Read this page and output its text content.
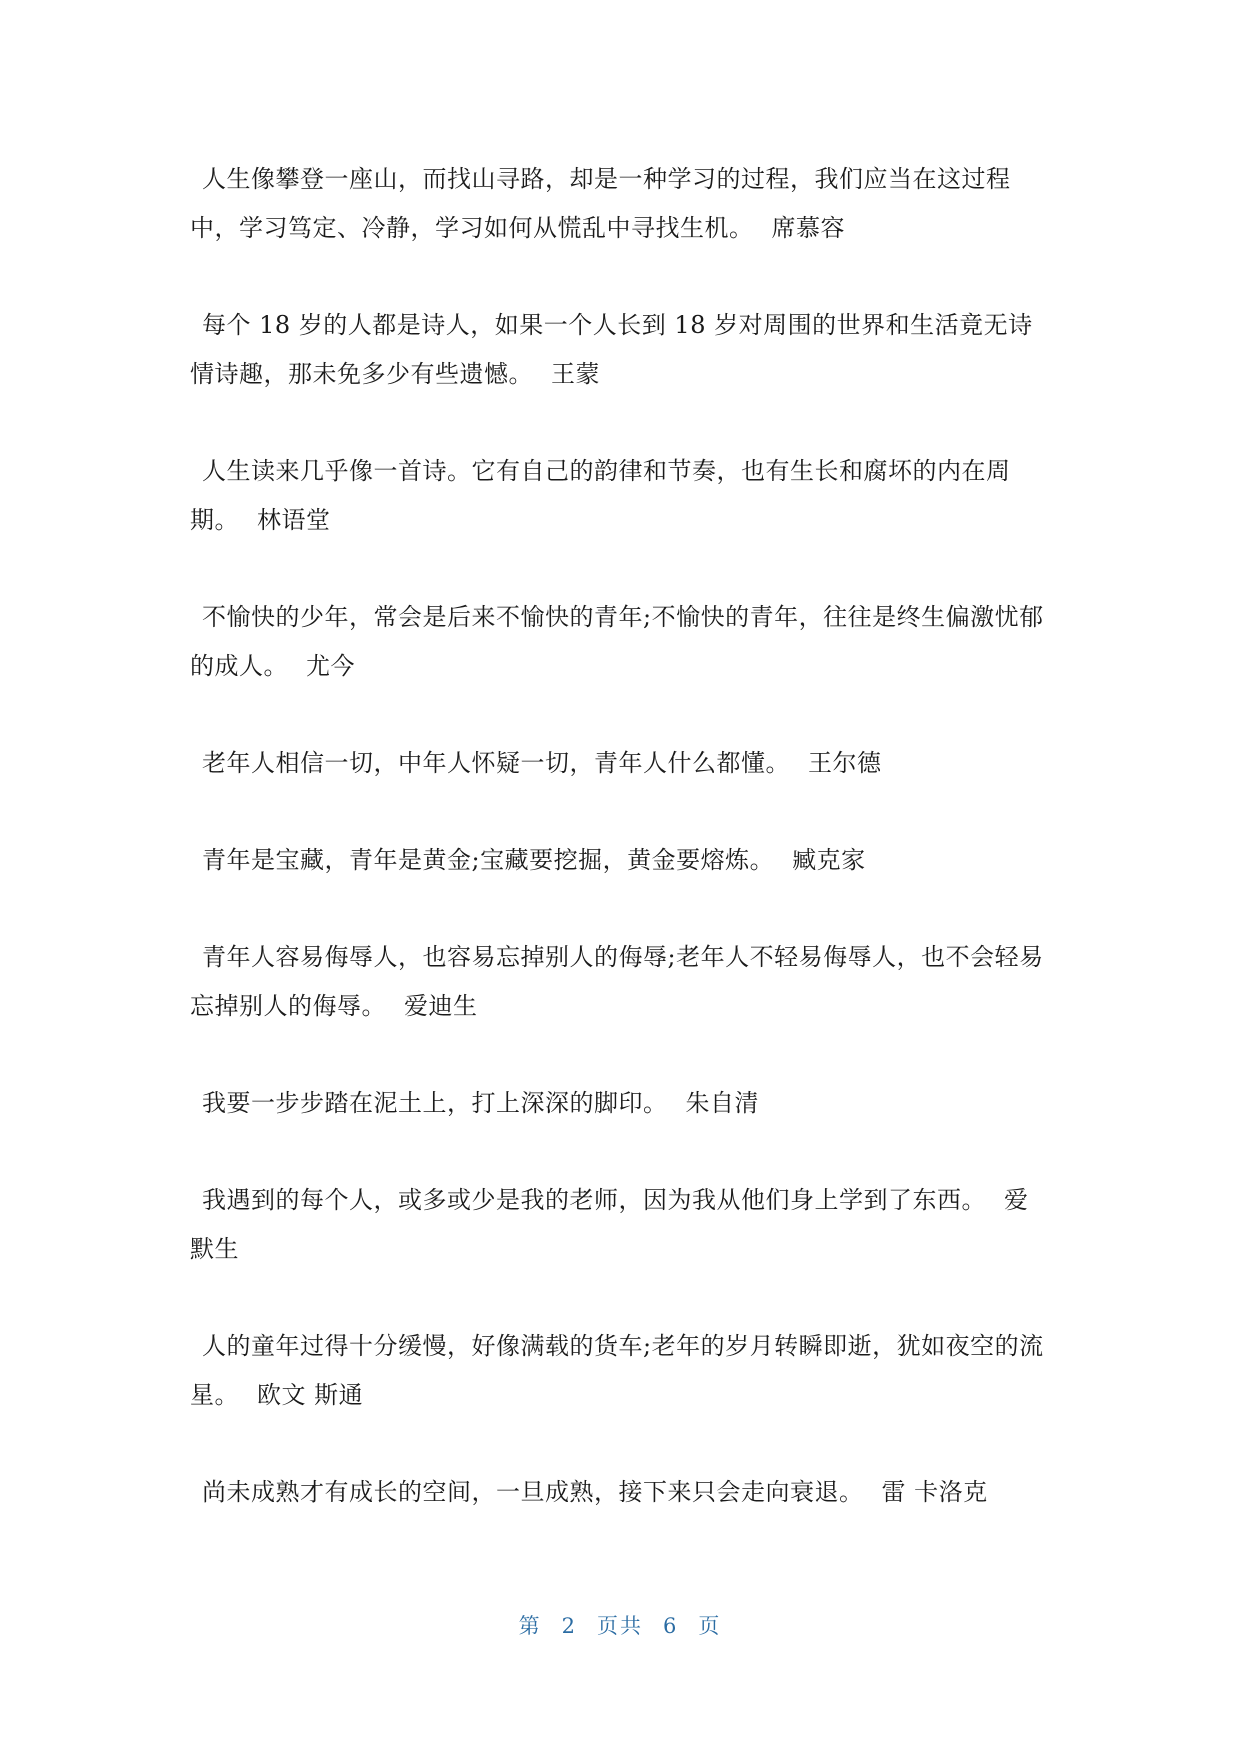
人生像攀登一座山，而找山寻路，却是一种学习的过程，我们应当在这过程中，学习笃定、冷静，学习如何从慌乱中寻找生机。 席慕容

每个 18 岁的人都是诗人，如果一个人长到 18 岁对周围的世界和生活竟无诗情诗趣，那未免多少有些遗憾。 王蒙

人生读来几乎像一首诗。它有自己的韵律和节奏，也有生长和腐坏的内在周期。 林语堂

不愉快的少年，常会是后来不愉快的青年;不愉快的青年，往往是终生偏激忧郁的成人。 尤今

老年人相信一切，中年人怀疑一切，青年人什么都懂。 王尔德

青年是宝藏，青年是黄金;宝藏要挖掘，黄金要熔炼。 臧克家

青年人容易侮辱人，也容易忘掉别人的侮辱;老年人不轻易侮辱人，也不会轻易忘掉别人的侮辱。 爱迪生

我要一步步踏在泥土上，打上深深的脚印。 朱自清

我遇到的每个人，或多或少是我的老师，因为我从他们身上学到了东西。 爱默生

人的童年过得十分缓慢，好像满载的货车;老年的岁月转瞬即逝，犹如夜空的流星。 欧文 斯通

尚未成熟才有成长的空间，一旦成熟，接下来只会走向衰退。 雷 卡洛克

第 2 页共 6 页
